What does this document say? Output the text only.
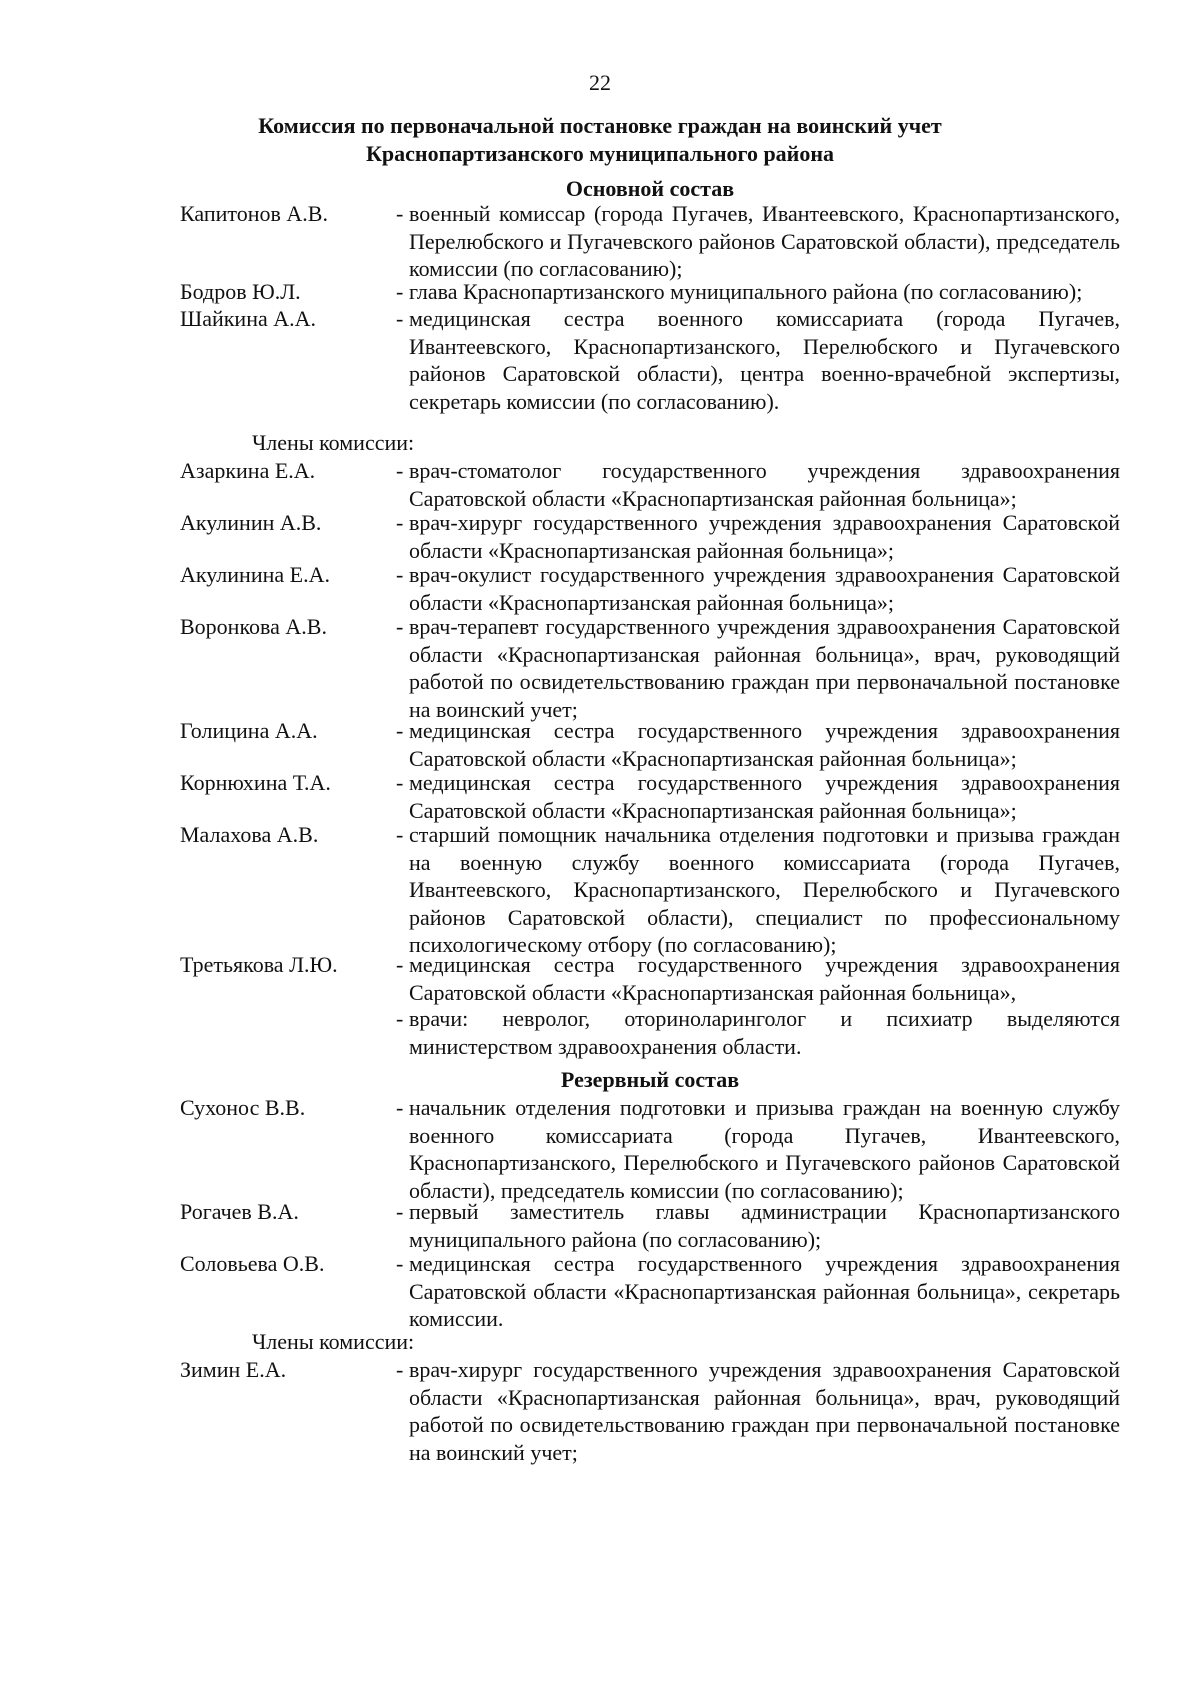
22
Комиссия по первоначальной постановке граждан на воинский учет
Краснопартизанского муниципального района
Основной состав
Капитонов А.В.	- военный комиссар (города Пугачев, Ивантеевского, Краснопартизанского, Перелюбского и Пугачевского районов Саратовской области), председатель комиссии (по согласованию);
Бодров Ю.Л.	- глава Краснопартизанского муниципального района (по согласованию);
Шайкина А.А.	- медицинская сестра военного комиссариата (города Пугачев, Ивантеевского, Краснопартизанского, Перелюбского и Пугачевского районов Саратовской области), центра военно-врачебной экспертизы, секретарь комиссии (по согласованию).
Члены комиссии:
Азаркина Е.А.	- врач-стоматолог государственного учреждения здравоохранения Саратовской области «Краснопартизанская районная больница»;
Акулинин А.В.	- врач-хирург государственного учреждения здравоохранения Саратовской области «Краснопартизанская районная больница»;
Акулинина Е.А.	- врач-окулист государственного учреждения здравоохранения Саратовской области «Краснопартизанская районная больница»;
Воронкова А.В.	- врач-терапевт государственного учреждения здравоохранения Саратовской области «Краснопартизанская районная больница», врач, руководящий работой по освидетельствованию граждан при первоначальной постановке на воинский учет;
Голицина А.А.	- медицинская сестра государственного учреждения здравоохранения Саратовской области «Краснопартизанская районная больница»;
Корнюхина Т.А.	- медицинская сестра государственного учреждения здравоохранения Саратовской области «Краснопартизанская районная больница»;
Малахова А.В.	- старший помощник начальника отделения подготовки и призыва граждан на военную службу военного комиссариата (города Пугачев, Ивантеевского, Краснопартизанского, Перелюбского и Пугачевского районов Саратовской области), специалист по профессиональному психологическому отбору (по согласованию);
Третьякова Л.Ю.	- медицинская сестра государственного учреждения здравоохранения Саратовской области «Краснопартизанская районная больница»,
- врачи: невролог, оториноларинголог и психиатр выделяются министерством здравоохранения области.
Резервный состав
Сухонос В.В.	- начальник отделения подготовки и призыва граждан на военную службу военного комиссариата (города Пугачев, Ивантеевского, Краснопартизанского, Перелюбского и Пугачевского районов Саратовской области), председатель комиссии (по согласованию);
Рогачев В.А.	- первый заместитель главы администрации Краснопартизанского муниципального района (по согласованию);
Соловьева О.В.	- медицинская сестра государственного учреждения здравоохранения Саратовской области «Краснопартизанская районная больница», секретарь комиссии.
Члены комиссии:
Зимин Е.А.	- врач-хирург государственного учреждения здравоохранения Саратовской области «Краснопартизанская районная больница», врач, руководящий работой по освидетельствованию граждан при первоначальной постановке на воинский учет;
